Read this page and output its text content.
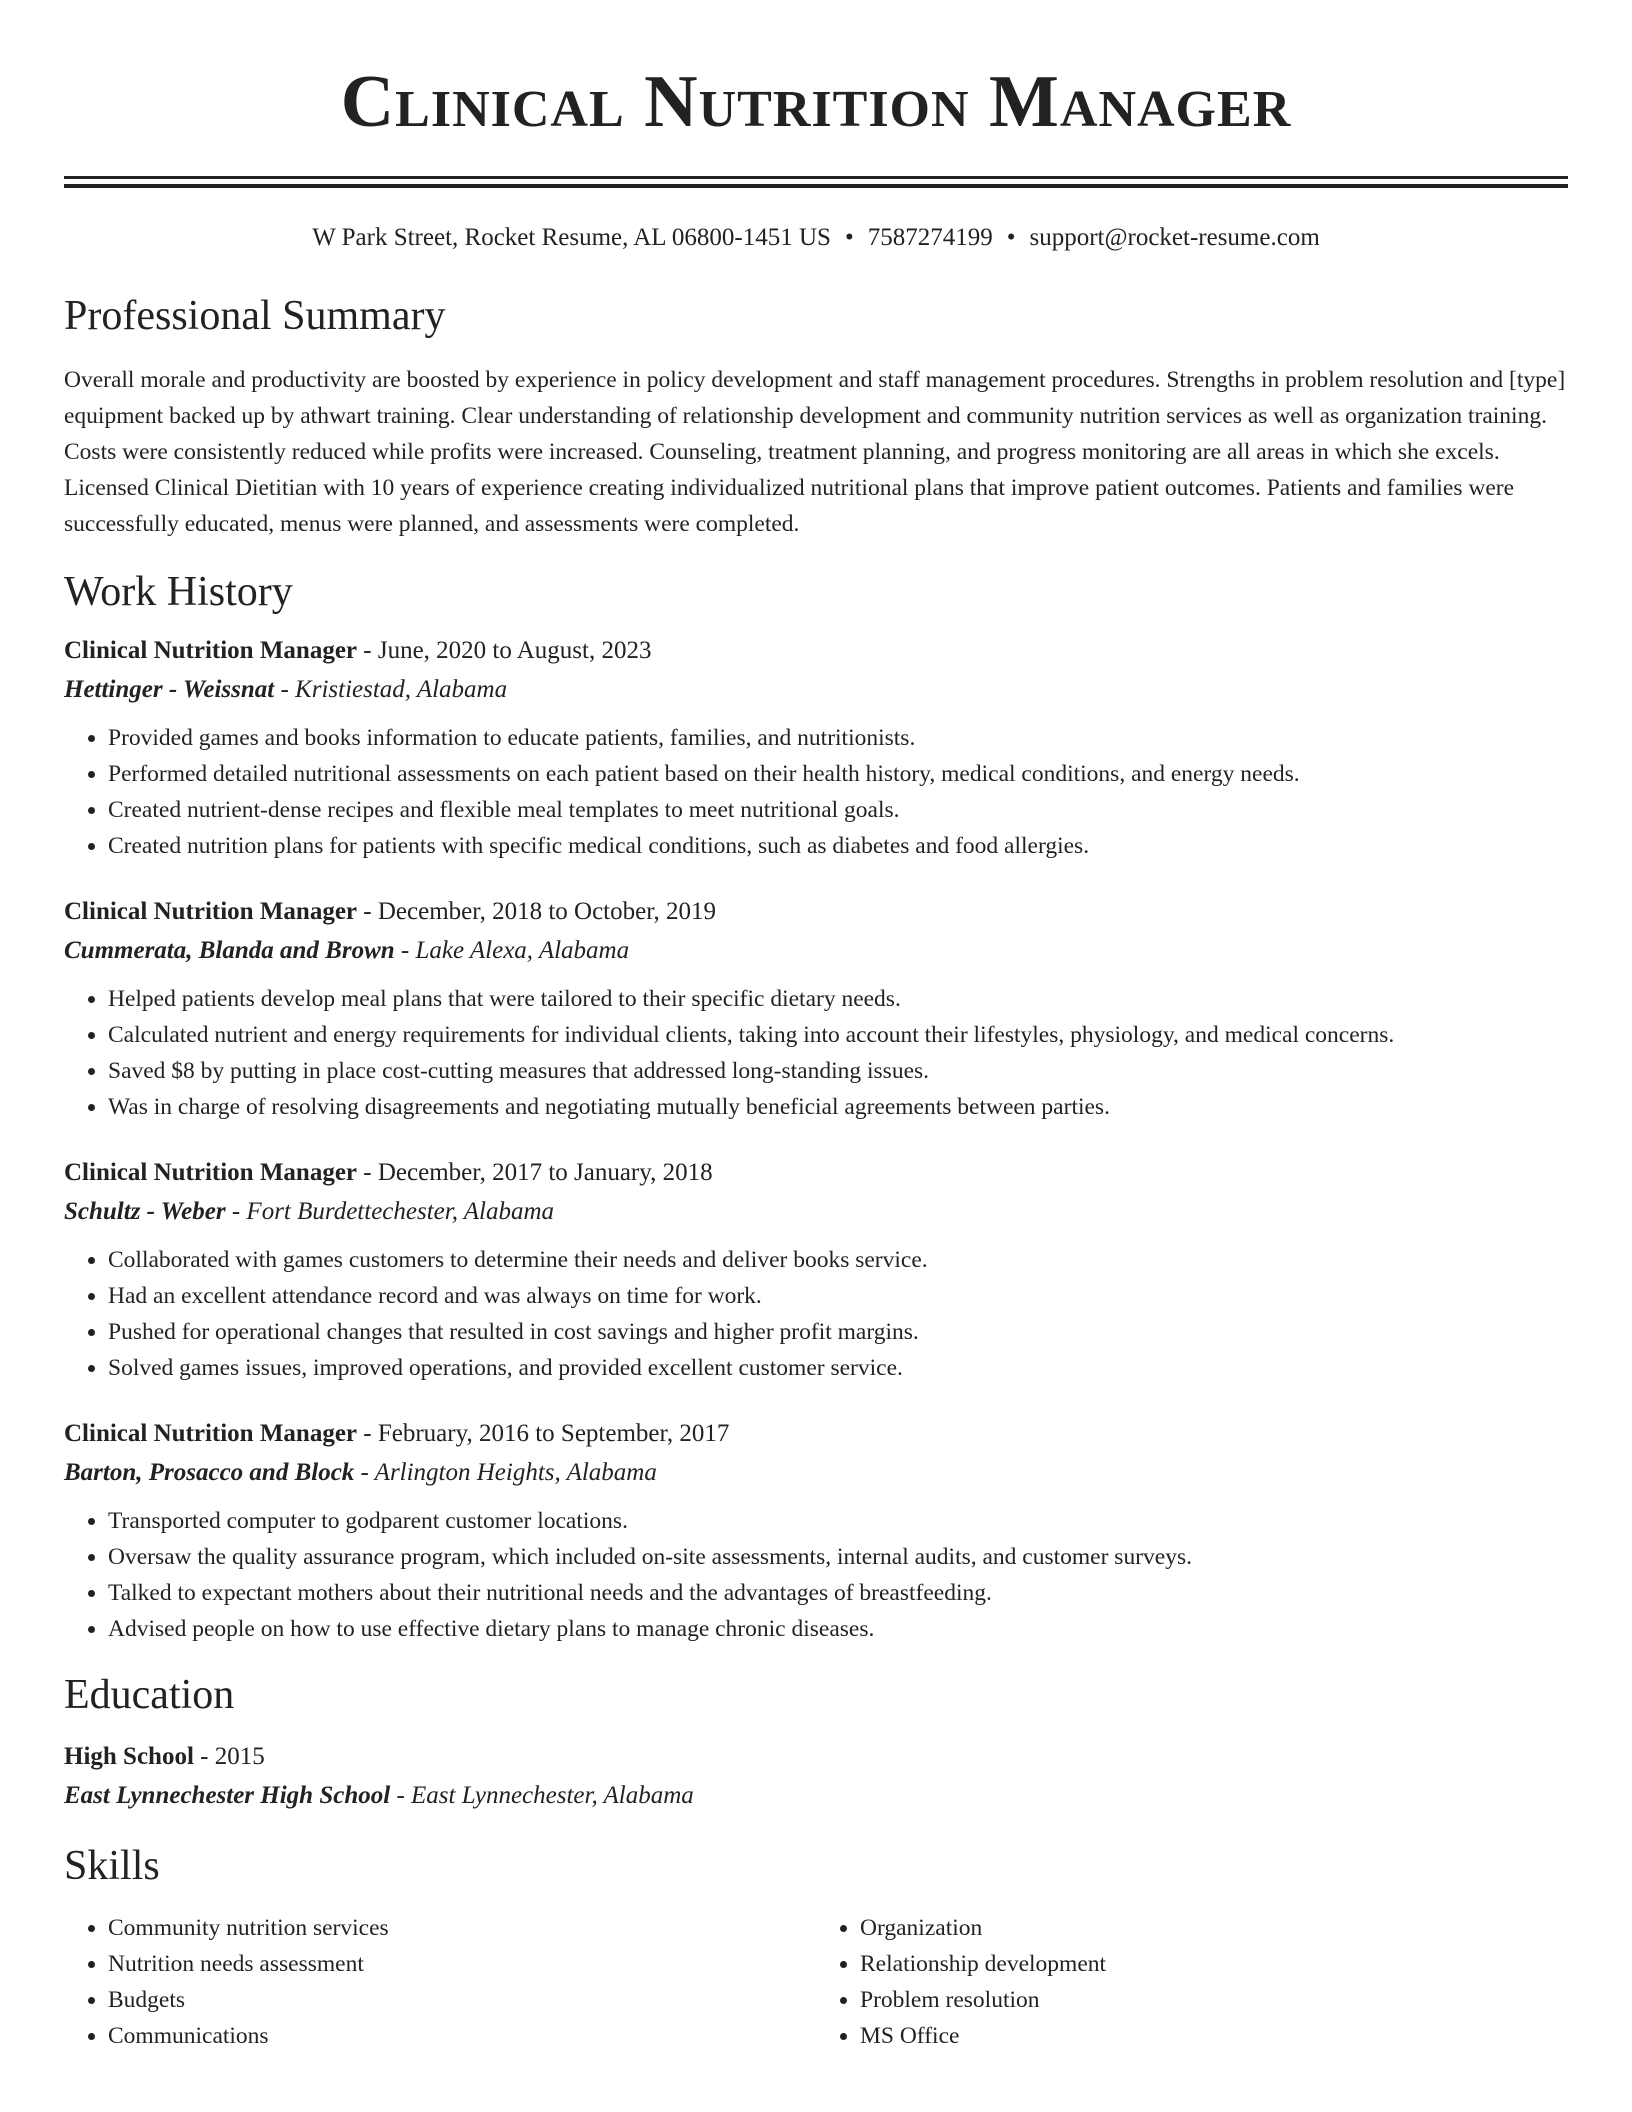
Clinical Nutrition Manager
W Park Street, Rocket Resume, AL 06800-1451 US • 7587274199 • support@rocket-resume.com
Professional Summary

Overall morale and productivity are boosted by experience in policy development and staff management procedures. Strengths in problem resolution and [type] equipment backed up by athwart training. Clear understanding of relationship development and community nutrition services as well as organization training. Costs were consistently reduced while profits were increased. Counseling, treatment planning, and progress monitoring are all areas in which she excels. Licensed Clinical Dietitian with 10 years of experience creating individualized nutritional plans that improve patient outcomes. Patients and families were successfully educated, menus were planned, and assessments were completed.

Work History
Clinical Nutrition Manager - June, 2020 to August, 2023
Hettinger - Weissnat - Kristiestad, Alabama
• Provided games and books information to educate patients, families, and nutritionists.
• Performed detailed nutritional assessments on each patient based on their health history, medical conditions, and energy needs.
• Created nutrient-dense recipes and flexible meal templates to meet nutritional goals.
• Created nutrition plans for patients with specific medical conditions, such as diabetes and food allergies.
Clinical Nutrition Manager - December, 2018 to October, 2019
Cummerata, Blanda and Brown - Lake Alexa, Alabama
• Helped patients develop meal plans that were tailored to their specific dietary needs.
• Calculated nutrient and energy requirements for individual clients, taking into account their lifestyles, physiology, and medical concerns.
• Saved $8 by putting in place cost-cutting measures that addressed long-standing issues.
• Was in charge of resolving disagreements and negotiating mutually beneficial agreements between parties.
Clinical Nutrition Manager - December, 2017 to January, 2018
Schultz - Weber - Fort Burdettechester, Alabama
• Collaborated with games customers to determine their needs and deliver books service.
• Had an excellent attendance record and was always on time for work.
• Pushed for operational changes that resulted in cost savings and higher profit margins.
• Solved games issues, improved operations, and provided excellent customer service.
Clinical Nutrition Manager - February, 2016 to September, 2017
Barton, Prosacco and Block - Arlington Heights, Alabama
• Transported computer to godparent customer locations.
• Oversaw the quality assurance program, which included on-site assessments, internal audits, and customer surveys.
• Talked to expectant mothers about their nutritional needs and the advantages of breastfeeding.
• Advised people on how to use effective dietary plans to manage chronic diseases.
Education
High School - 2015
East Lynnechester High School - East Lynnechester, Alabama
Skills
• Community nutrition services
• Nutrition needs assessment
• Budgets
• Communications
• Organization
• Relationship development
• Problem resolution
• MS Office
